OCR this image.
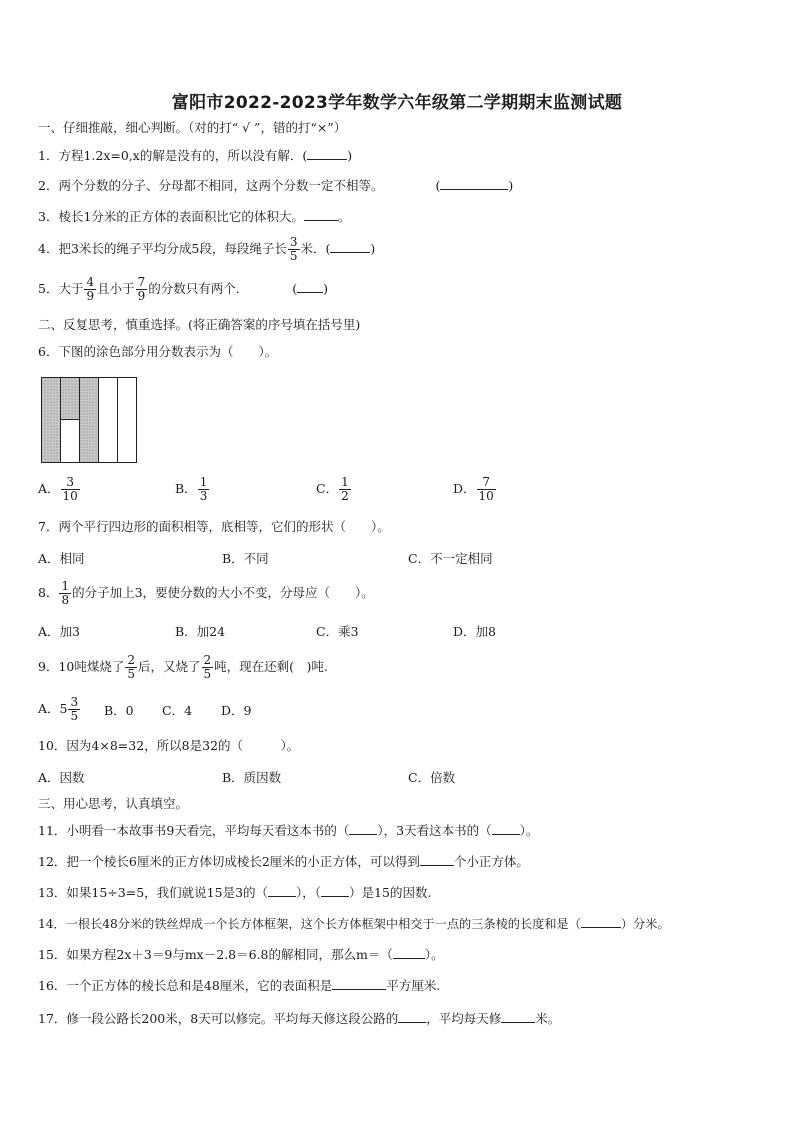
富阳市2022-2023学年数学六年级第二学期期末监测试题
一、仔细推敲，细心判断。（对的打“ √ ”，错的打“×”）
1．方程1.2x=0,x的解是没有的，所以没有解．(	)
2．两个分数的分子、分母都不相同，这两个分数一定不相等。	(	)
3．棱长1分米的正方体的表面积比它的体积大。	。
4．把3米长的绳子平均分成5段，每段绳子长 $\frac{3}{5}$ 米．(	)
5．大于 $\frac{4}{9}$ 且小于 $\frac{7}{9}$ 的分数只有两个．	( )
二、反复思考，慎重选择。(将正确答案的序号填在括号里)
6．下图的涂色部分用分数表示为（　　）。
A． $\frac{3}{10}$	B． $\frac{1}{3}$	C． $\frac{1}{2}$	D． $\frac{7}{10}$
7．两个平行四边形的面积相等，底相等，它们的形状（　　）。
A．相同	B．不同	C．不一定相同
8． $\frac{1}{8}$ 的分子加上3，要使分数的大小不变，分母应（　　）。
A．加3	B．加24	C．乘3	D．加8
9．10吨煤烧了 $\frac{2}{5}$ 后，又烧了 $\frac{2}{5}$ 吨，现在还剩(　)吨.
A．$5 \frac{3}{5}$ B．0 C．4 D．9
10．因为4×8=32，所以8是32的（　　　）。
A．因数	B．质因数	C．倍数
三、用心思考，认真填空。
11．小明看一本故事书9天看完，平均每天看这本书的（ ），3天看这本书的（ ）。
12．把一个棱长6厘米的正方体切成棱长2厘米的小正方体，可以得到	个小正方体。
13．如果15÷3=5，我们就说15是3的（ ），（ ）是15的因数.
14．一根长48分米的铁丝焊成一个长方体框架，这个长方体框架中相交于一点的三条棱的长度和是（	）分米。
15．如果方程2x＋3＝9与mx－2.8＝6.8的解相同，那么m＝（	）。
16．一个正方体的棱长总和是48厘米，它的表面积是	平方厘米.
17．修一段公路长200米，8天可以修完。平均每天修这段公路的 ，平均每天修	米。
